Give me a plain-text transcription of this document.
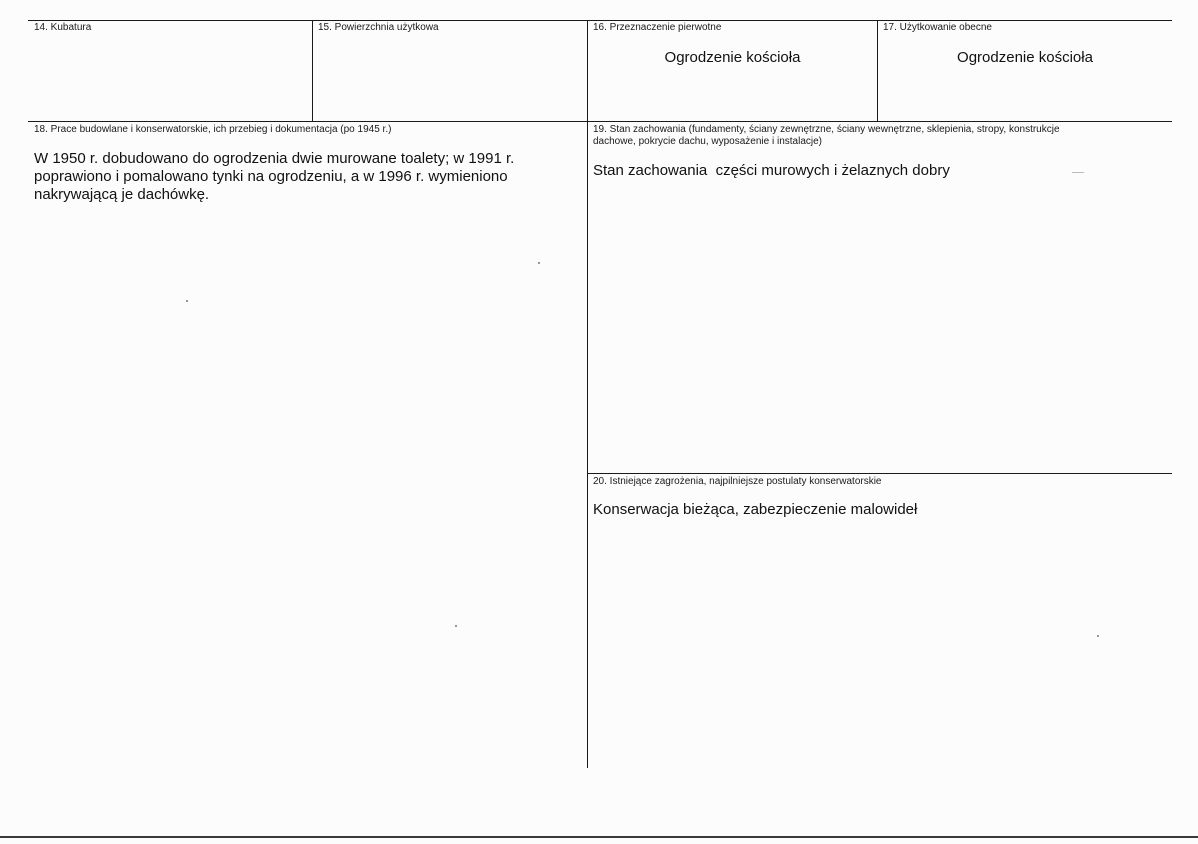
14. Kubatura	15. Powierzchnia użytkowa	16. Przeznaczenie pierwotne
Ogrodzenie kościoła
17. Użytkowanie obecne
Ogrodzenie kościoła
18. Prace budowlane i konserwatorskie, ich przebieg i dokumentacja (po 1945 r.)
W 1950 r. dobudowano do ogrodzenia dwie murowane toalety; w 1991 r. poprawiono i pomalowano tynki na ogrodzeniu, a w 1996 r. wymieniono nakrywającą je dachówkę.
19. Stan zachowania (fundamenty, ściany zewnętrzne, ściany wewnętrzne, sklepienia, stropy, konstrukcje dachowe, pokrycie dachu, wyposażenie i instalacje)
Stan zachowania  części murowych i żelaznych dobry
20. Istniejące zagrożenia, najpilniejsze postulaty konserwatorskie
Konserwacja bieżąca, zabezpieczenie malowideł
